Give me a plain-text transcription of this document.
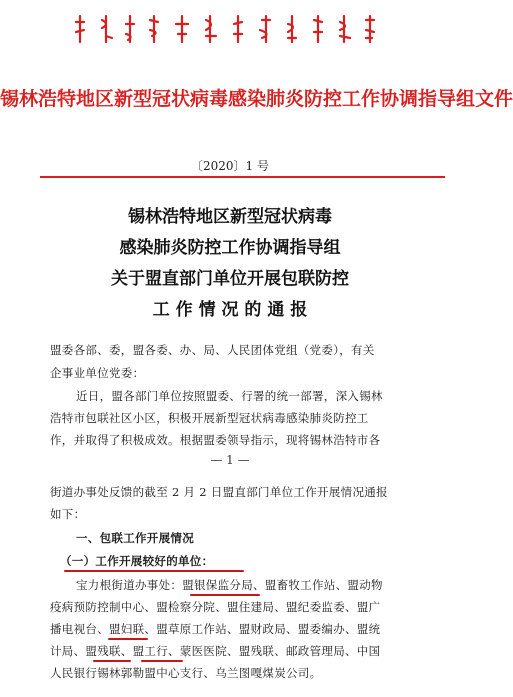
锡林浩特地区新型冠状病毒感染肺炎防控工作协调指导组文件
〔2020〕1 号
锡林浩特地区新型冠状病毒
感染肺炎防控工作协调指导组
关于盟直部门单位开展包联防控
工 作 情 况 的 通 报
盟委各部、委，盟各委、办、局、人民团体党组（党委），有关
企事业单位党委：
近日，盟各部门单位按照盟委、行署的统一部署，深入锡林
浩特市包联社区小区，积极开展新型冠状病毒感染肺炎防控工
作，并取得了积极成效。根据盟委领导指示，现将锡林浩特市各
— 1 —
街道办事处反馈的截至 2 月 2 日盟直部门单位工作开展情况通报
如下：
一、包联工作开展情况
（一）工作开展较好的单位：
宝力根街道办事处：盟银保监分局、盟畜牧工作站、盟动物
疫病预防控制中心、盟检察分院、盟住建局、盟纪委监委、盟广
播电视台、盟妇联、盟草原工作站、盟财政局、盟委编办、盟统
计局、盟残联、盟工行、蒙医医院、盟残联、邮政管理局、中国
人民银行锡林郭勒盟中心支行、乌兰图嘎煤炭公司。
